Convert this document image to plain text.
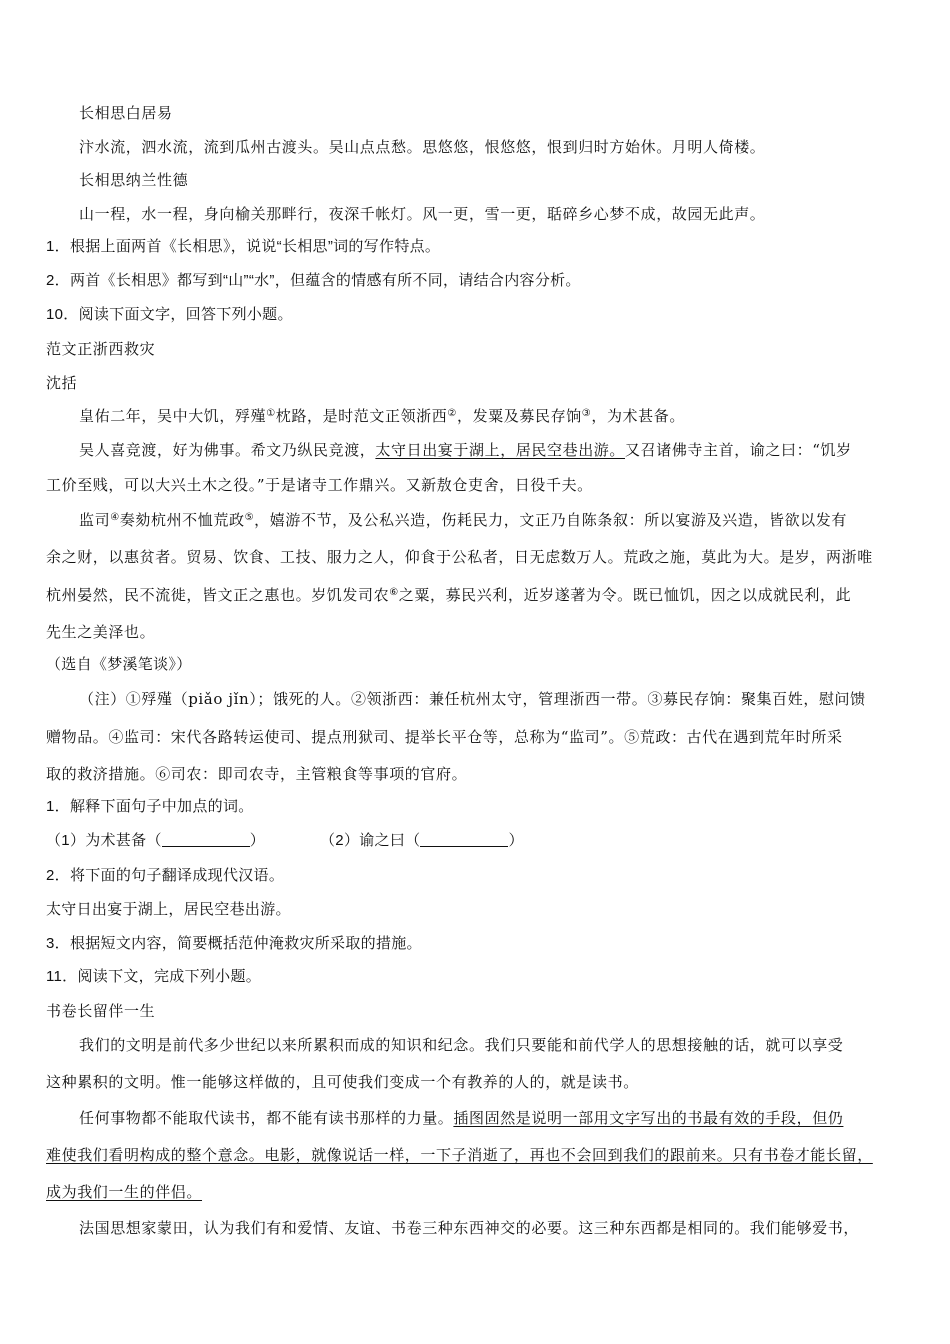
长相思白居易
汴水流，泗水流，流到瓜州古渡头。吴山点点愁。思悠悠，恨悠悠，恨到归时方始休。月明人倚楼。
长相思纳兰性德
山一程，水一程，身向榆关那畔行，夜深千帐灯。风一更，雪一更，聒碎乡心梦不成，故园无此声。
1．根据上面两首《长相思》，说说“长相思”词的写作特点。
2．两首《长相思》都写到“山”“水”，但蕴含的情感有所不同，请结合内容分析。
10．阅读下面文字，回答下列小题。
范文正浙西救灾
沈括
皇佑二年，吴中大饥，殍殣①枕路，是时范文正领浙西②，发粟及募民存饷③，为术甚备。
吴人喜竞渡，好为佛事。希文乃纵民竞渡，太守日出宴于湖上，居民空巷出游。又召诸佛寺主首，谕之曰：“饥岁
工价至贱，可以大兴土木之役。”于是诸寺工作鼎兴。又新敖仓吏舍，日役千夫。
监司④奏劾杭州不恤荒政⑤，嬉游不节，及公私兴造，伤耗民力，文正乃自陈条叙：所以宴游及兴造，皆欲以发有
余之财，以惠贫者。贸易、饮食、工技、服力之人，仰食于公私者，日无虑数万人。荒政之施，莫此为大。是岁，两浙唯
杭州晏然，民不流徙，皆文正之惠也。岁饥发司农⑥之粟，募民兴利，近岁遂著为令。既已恤饥，因之以成就民利，此
先生之美泽也。
（选自《梦溪笔谈》）
（注）①殍殣（piǎo jǐn）；饿死的人。②领浙西：兼任杭州太守，管理浙西一带。③募民存饷：聚集百姓，慰问馈
赠物品。④监司：宋代各路转运使司、提点刑狱司、提举长平仓等，总称为“监司”。⑤荒政：古代在遇到荒年时所采
取的救济措施。⑥司农：即司农寺，主管粮食等事项的官府。
1．解释下面句子中加点的词。
（1）为术甚备（	）	（2）谕之曰（	）
2．将下面的句子翻译成现代汉语。
太守日出宴于湖上，居民空巷出游。
3．根据短文内容，简要概括范仲淹救灾所采取的措施。
11．阅读下文，完成下列小题。
书卷长留伴一生
我们的文明是前代多少世纪以来所累积而成的知识和纪念。我们只要能和前代学人的思想接触的话，就可以享受
这种累积的文明。惟一能够这样做的，且可使我们变成一个有教养的人的，就是读书。
任何事物都不能取代读书，都不能有读书那样的力量。插图固然是说明一部用文字写出的书最有效的手段，但仍
难使我们看明构成的整个意念。电影，就像说话一样，一下子消逝了，再也不会回到我们的跟前来。只有书卷才能长留，
成为我们一生的伴侣。
法国思想家蒙田，认为我们有和爱情、友谊、书卷三种东西神交的必要。这三种东西都是相同的。我们能够爱书，
